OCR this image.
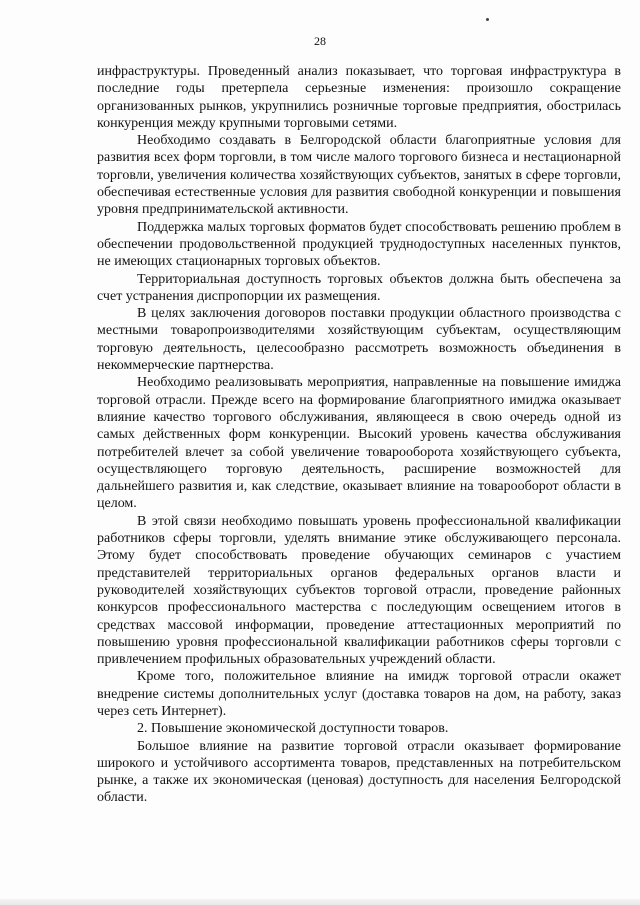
28

инфраструктуры. Проведенный анализ показывает, что торговая инфраструктура в последние годы претерпела серьезные изменения: произошло сокращение организованных рынков, укрупнились розничные торговые предприятия, обострилась конкуренция между крупными торговыми сетями.

Необходимо создавать в Белгородской области благоприятные условия для развития всех форм торговли, в том числе малого торгового бизнеса и нестационарной торговли, увеличения количества хозяйствующих субъектов, занятых в сфере торговли, обеспечивая естественные условия для развития свободной конкуренции и повышения уровня предпринимательской активности.

Поддержка малых торговых форматов будет способствовать решению проблем в обеспечении продовольственной продукцией труднодоступных населенных пунктов, не имеющих стационарных торговых объектов.

Территориальная доступность торговых объектов должна быть обеспечена за счет устранения диспропорции их размещения.

В целях заключения договоров поставки продукции областного производства с местными товаропроизводителями хозяйствующим субъектам, осуществляющим торговую деятельность, целесообразно рассмотреть возможность объединения в некоммерческие партнерства.

Необходимо реализовывать мероприятия, направленные на повышение имиджа торговой отрасли. Прежде всего на формирование благоприятного имиджа оказывает влияние качество торгового обслуживания, являющееся в свою очередь одной из самых действенных форм конкуренции. Высокий уровень качества обслуживания потребителей влечет за собой увеличение товарооборота хозяйствующего субъекта, осуществляющего торговую деятельность, расширение возможностей для дальнейшего развития и, как следствие, оказывает влияние на товарооборот области в целом.

В этой связи необходимо повышать уровень профессиональной квалификации работников сферы торговли, уделять внимание этике обслуживающего персонала. Этому будет способствовать проведение обучающих семинаров с участием представителей территориальных органов федеральных органов власти и руководителей хозяйствующих субъектов торговой отрасли, проведение районных конкурсов профессионального мастерства с последующим освещением итогов в средствах массовой информации, проведение аттестационных мероприятий по повышению уровня профессиональной квалификации работников сферы торговли с привлечением профильных образовательных учреждений области.

Кроме того, положительное влияние на имидж торговой отрасли окажет внедрение системы дополнительных услуг (доставка товаров на дом, на работу, заказ через сеть Интернет).

2. Повышение экономической доступности товаров.

Большое влияние на развитие торговой отрасли оказывает формирование широкого и устойчивого ассортимента товаров, представленных на потребительском рынке, а также их экономическая (ценовая) доступность для населения Белгородской области.
